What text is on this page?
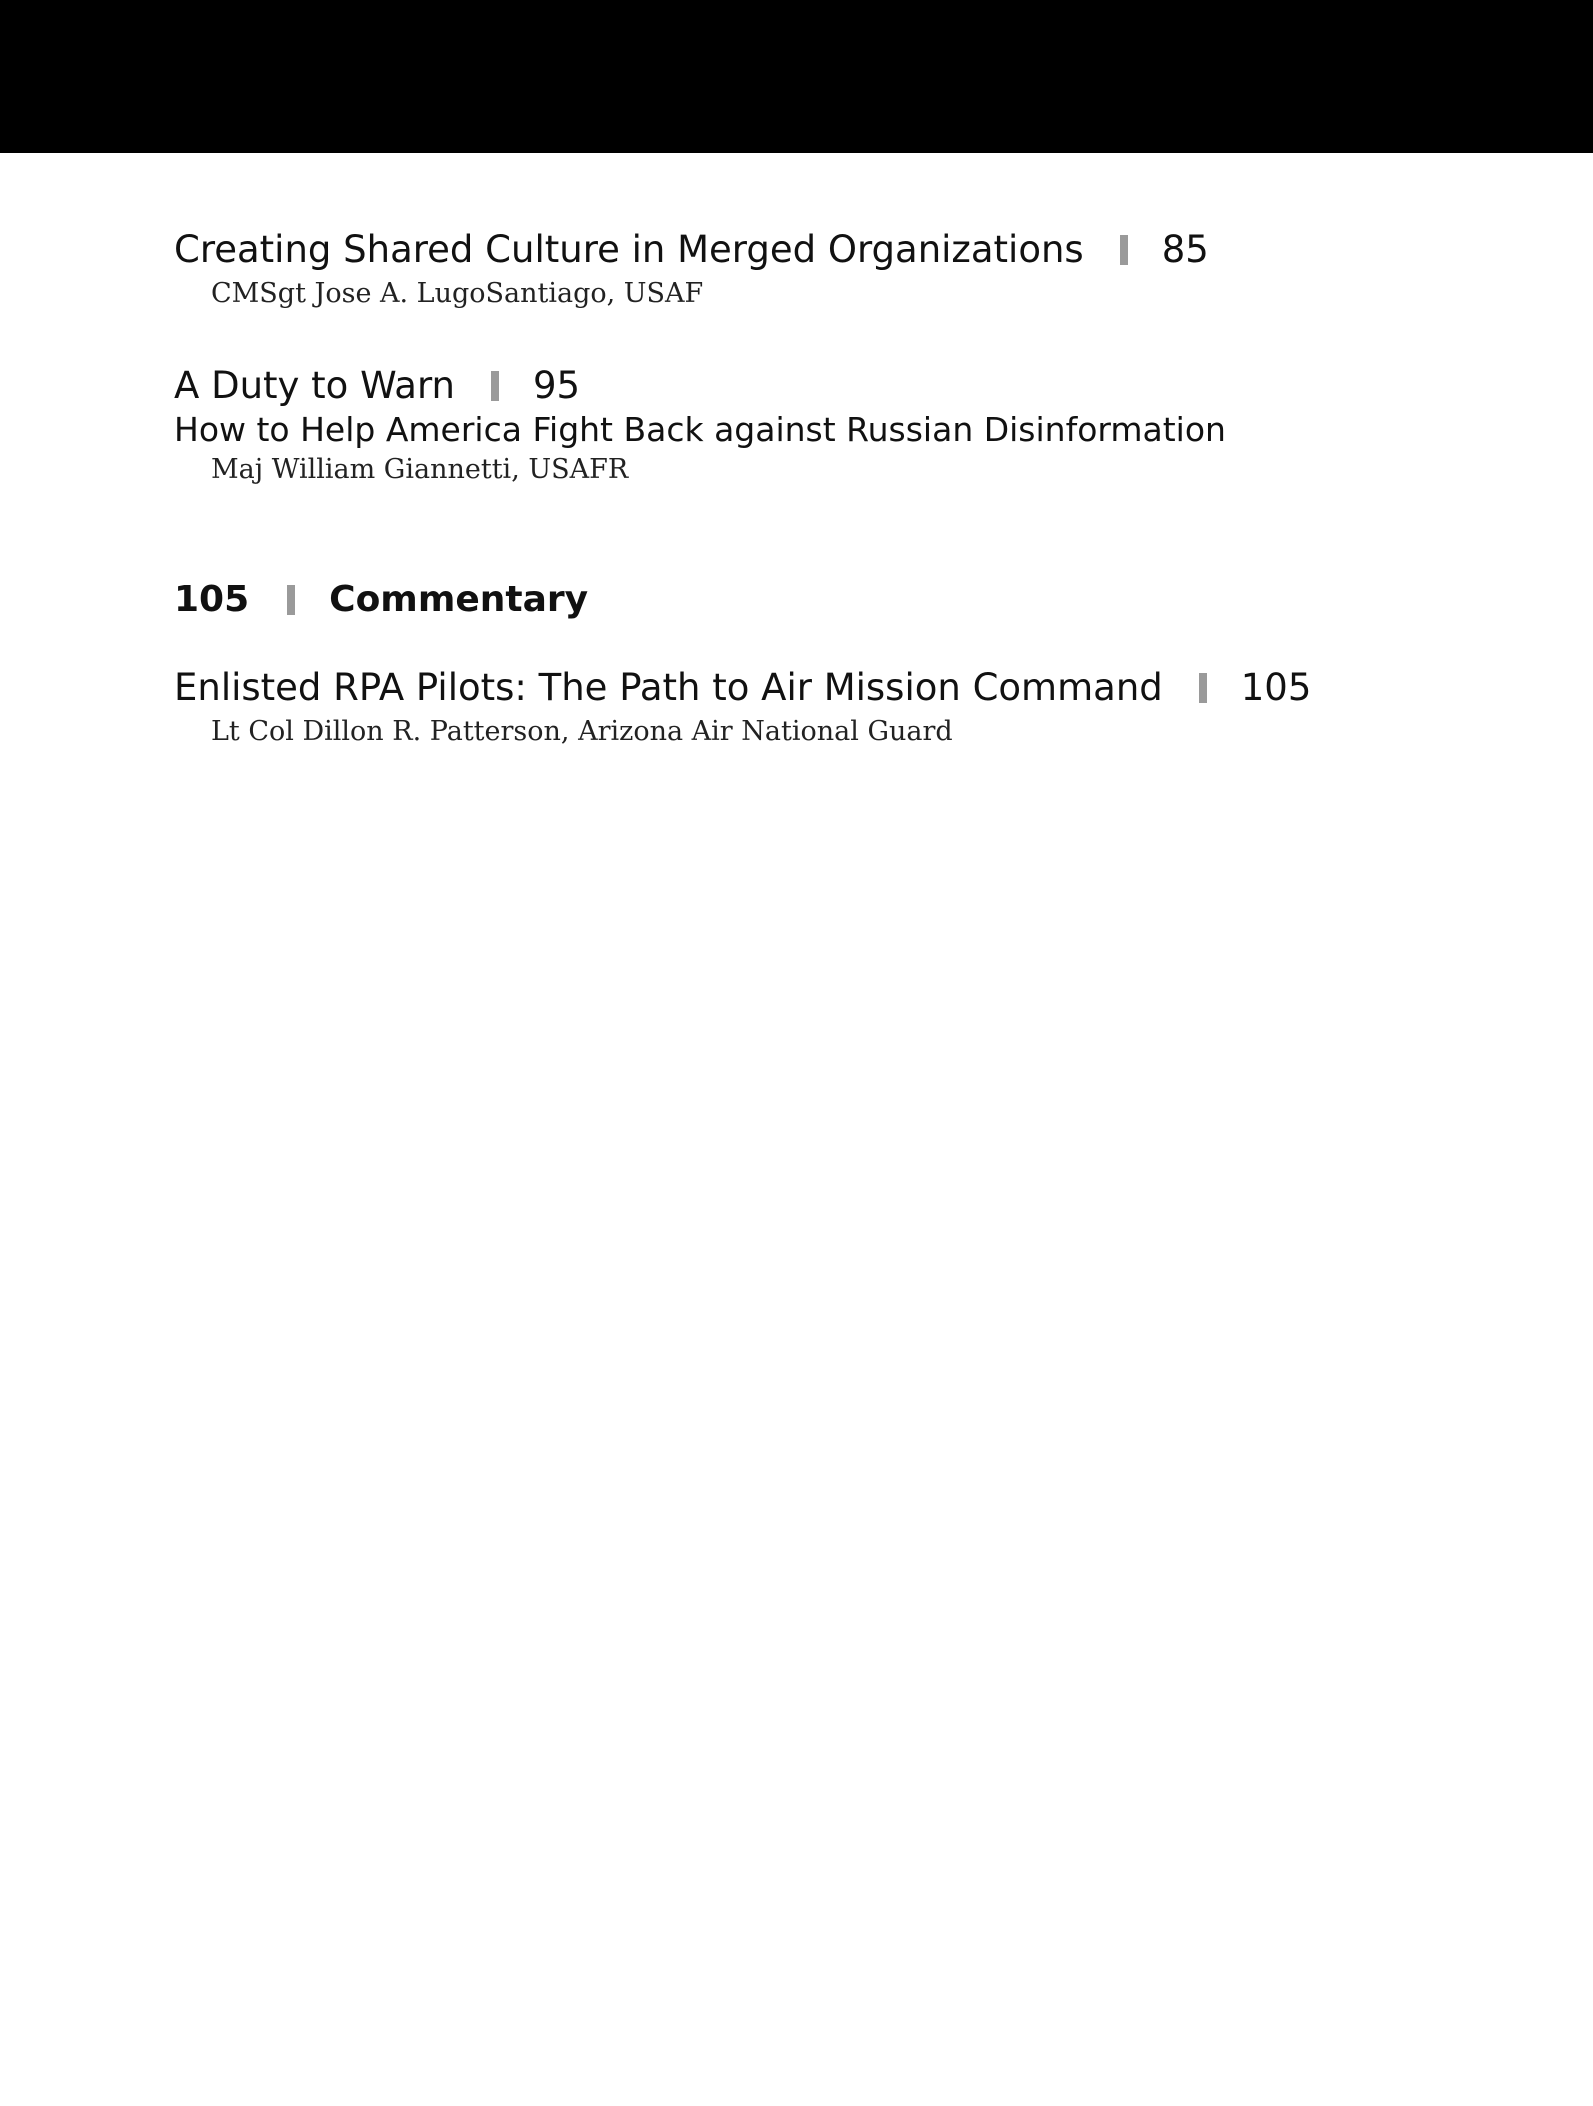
Creating Shared Culture in Merged Organizations 85
CMSgt Jose A. LugoSantiago, USAF
A Duty to Warn 95
How to Help America Fight Back against Russian Disinformation
Maj William Giannetti, USAFR
105 Commentary
Enlisted RPA Pilots: The Path to Air Mission Command 105
Lt Col Dillon R. Patterson, Arizona Air National Guard
